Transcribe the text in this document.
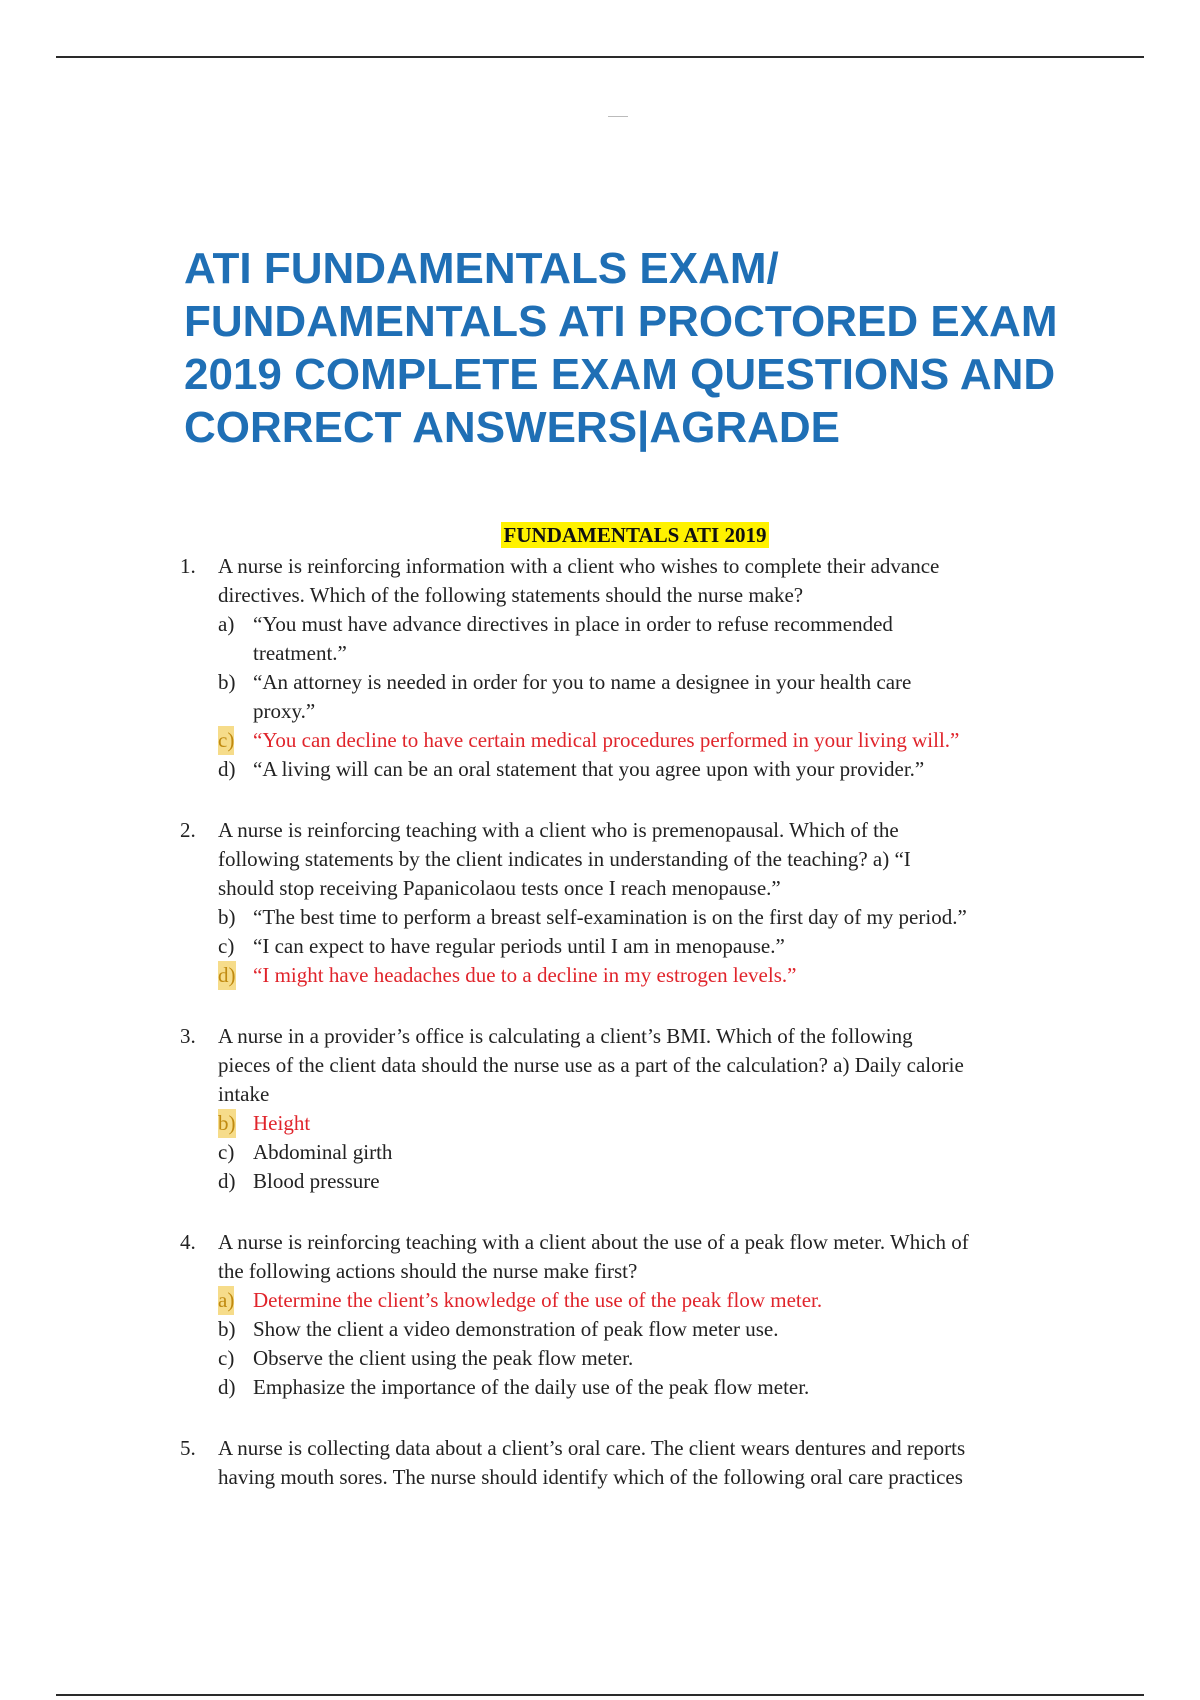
ATI FUNDAMENTALS EXAM/
FUNDAMENTALS ATI PROCTORED EXAM
2019 COMPLETE EXAM QUESTIONS AND
CORRECT ANSWERS|AGRADE
FUNDAMENTALS ATI 2019
1. A nurse is reinforcing information with a client who wishes to complete their advance
directives. Which of the following statements should the nurse make?
a) “You must have advance directives in place in order to refuse recommended
treatment.”
b) “An attorney is needed in order for you to name a designee in your health care
proxy.”
c) “You can decline to have certain medical procedures performed in your living will.”
d) “A living will can be an oral statement that you agree upon with your provider.”
2. A nurse is reinforcing teaching with a client who is premenopausal. Which of the
following statements by the client indicates in understanding of the teaching? a) “I
should stop receiving Papanicolaou tests once I reach menopause.”
b) “The best time to perform a breast self-examination is on the first day of my period.”
c) “I can expect to have regular periods until I am in menopause.”
d) “I might have headaches due to a decline in my estrogen levels.”
3. A nurse in a provider’s office is calculating a client’s BMI. Which of the following
pieces of the client data should the nurse use as a part of the calculation? a) Daily calorie
intake
b) Height
c) Abdominal girth
d) Blood pressure
4. A nurse is reinforcing teaching with a client about the use of a peak flow meter. Which of
the following actions should the nurse make first?
a) Determine the client’s knowledge of the use of the peak flow meter.
b) Show the client a video demonstration of peak flow meter use.
c) Observe the client using the peak flow meter.
d) Emphasize the importance of the daily use of the peak flow meter.
5. A nurse is collecting data about a client’s oral care. The client wears dentures and reports
having mouth sores. The nurse should identify which of the following oral care practices
